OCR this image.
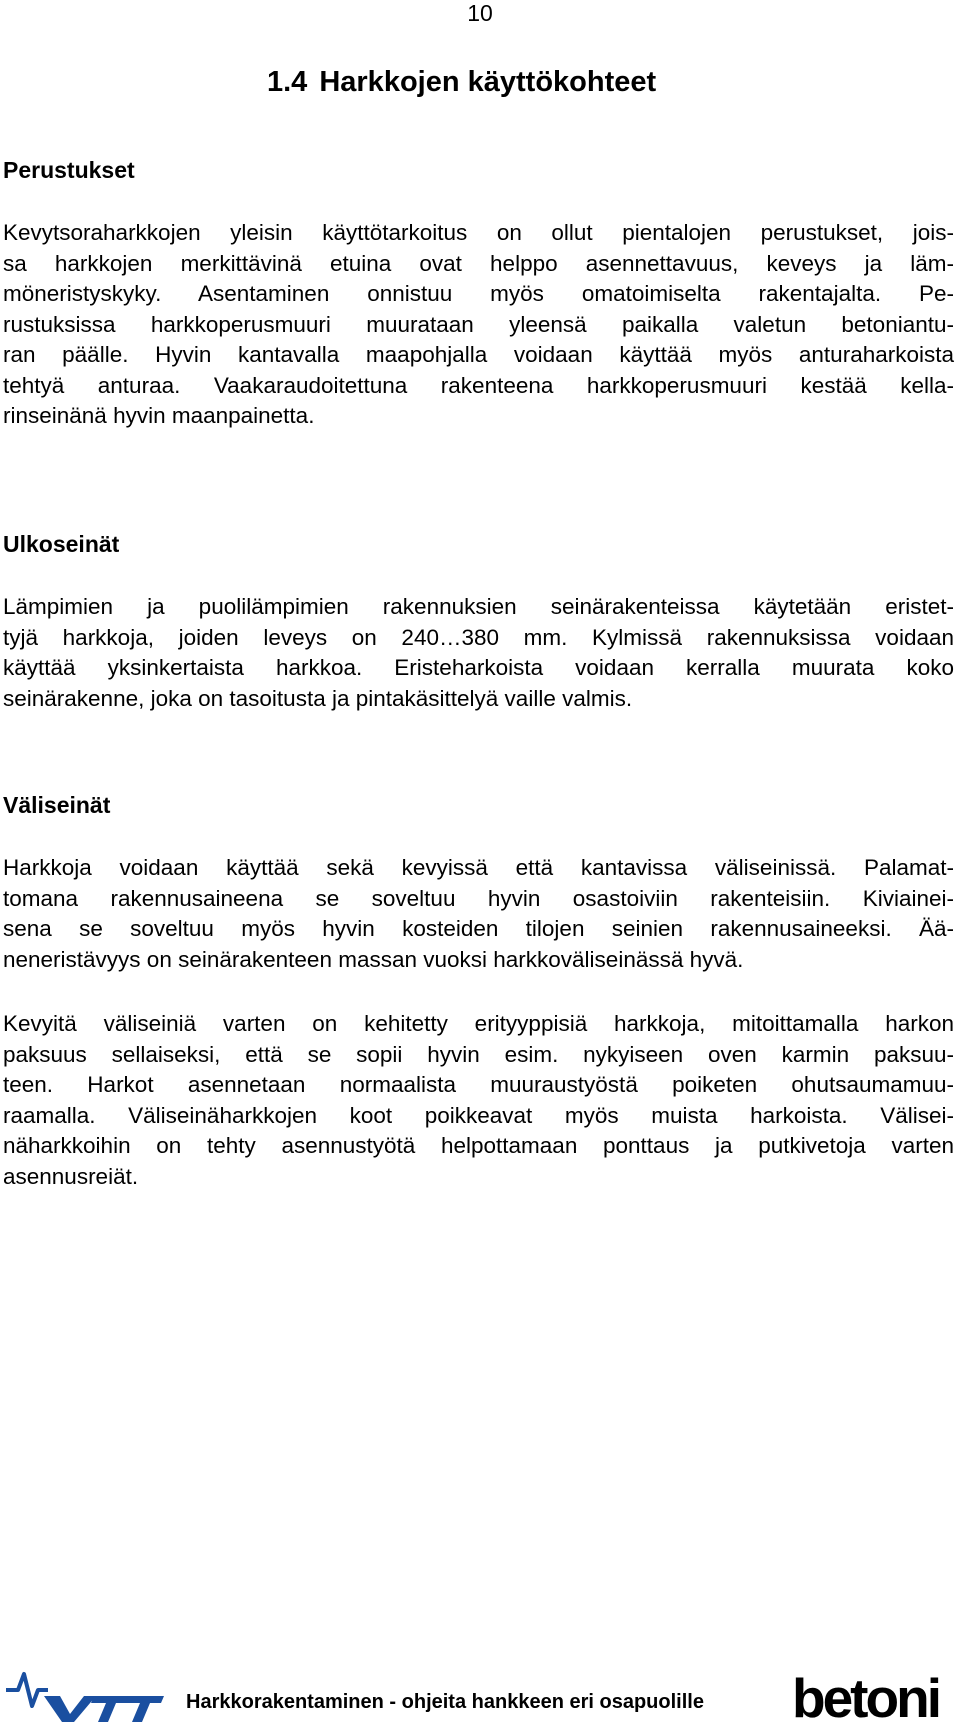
10
1.4 Harkkojen käyttökohteet
Perustukset
Kevytsoraharkkojen yleisin käyttötarkoitus on ollut pientalojen perustukset, jois-
sa harkkojen merkittävinä etuina ovat helppo asennettavuus, keveys ja läm-
möneristyskyky. Asentaminen onnistuu myös omatoimiselta rakentajalta. Pe-
rustuksissa harkkoperusmuuri muurataan yleensä paikalla valetun betoniantu-
ran päälle. Hyvin kantavalla maapohjalla voidaan käyttää myös anturaharkoista
tehtyä anturaa. Vaakaraudoitettuna rakenteena harkkoperusmuuri kestää kella-
rinseinänä hyvin maanpainetta.
Ulkoseinät
Lämpimien ja puolilämpimien rakennuksien seinärakenteissa käytetään eristet-
tyjä harkkoja, joiden leveys on 240…380 mm. Kylmissä rakennuksissa voidaan
käyttää yksinkertaista harkkoa. Eristeharkoista voidaan kerralla muurata koko
seinärakenne, joka on tasoitusta ja pintakäsittelyä vaille valmis.
Väliseinät
Harkkoja voidaan käyttää sekä kevyissä että kantavissa väliseinissä. Palamat-
tomana rakennusaineena se soveltuu hyvin osastoiviin rakenteisiin. Kiviainei-
sena se soveltuu myös hyvin kosteiden tilojen seinien rakennusaineeksi. Ää-
neneristävyys on seinärakenteen massan vuoksi harkkoväliseinässä hyvä.
Kevyitä väliseiniä varten on kehitetty erityyppisiä harkkoja, mitoittamalla harkon
paksuus sellaiseksi, että se sopii hyvin esim. nykyiseen oven karmin paksuu-
teen. Harkot asennetaan normaalista muuraustyöstä poiketen ohutsaumamuu-
raamalla. Väliseinäharkkojen koot poikkeavat myös muista harkoista. Välisei-
näharkkoihin on tehty asennustyötä helpottamaan ponttaus ja putkivetoja varten
asennusreiät.
VTT
Harkkorakentaminen - ohjeita hankkeen eri osapuolille betoni
